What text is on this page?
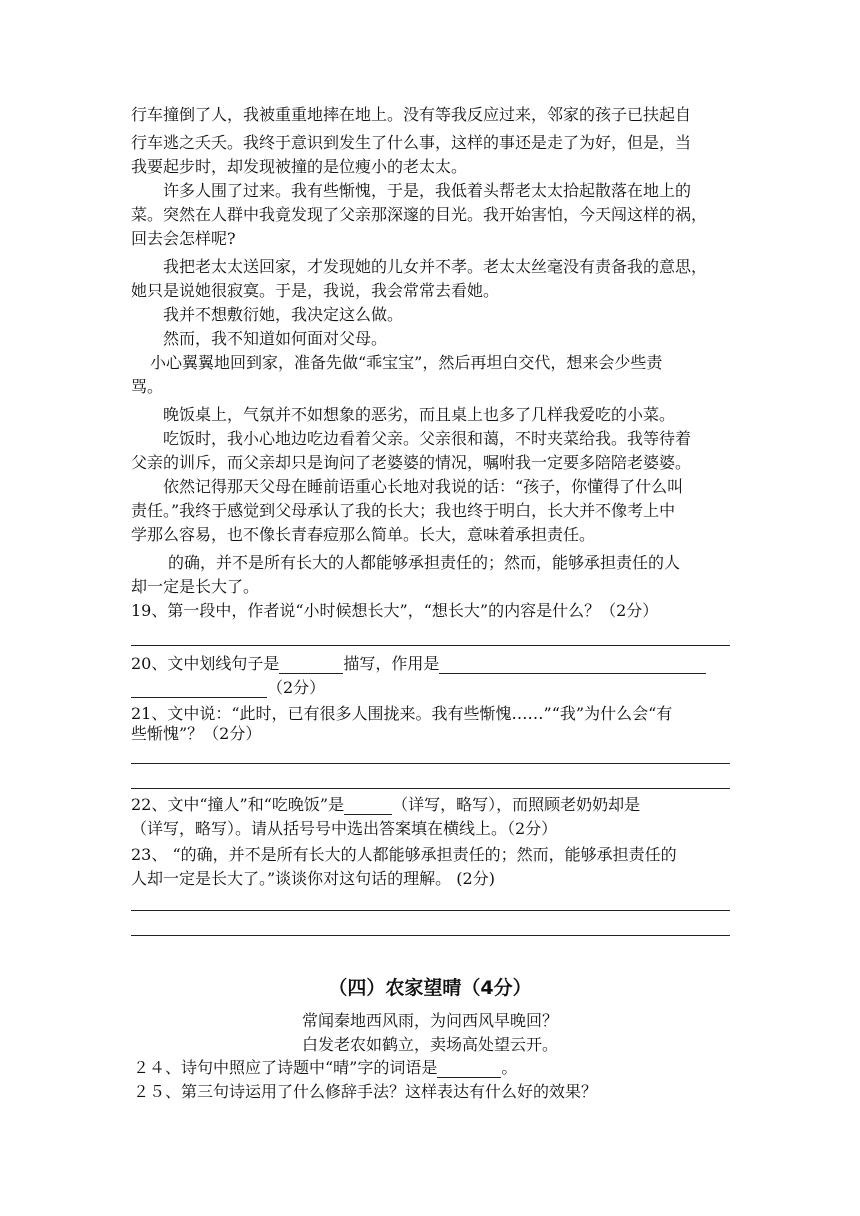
行车撞倒了人，我被重重地摔在地上。没有等我反应过来，邻家的孩子已扶起自
行车逃之夭夭。我终于意识到发生了什么事，这样的事还是走了为好，但是，当
我要起步时，却发现被撞的是位瘦小的老太太。
许多人围了过来。我有些惭愧，于是，我低着头帮老太太拾起散落在地上的
菜。突然在人群中我竟发现了父亲那深邃的目光。我开始害怕，今天闯这样的祸，
回去会怎样呢?
我把老太太送回家，才发现她的儿女并不孝。老太太丝毫没有责备我的意思，
她只是说她很寂寞。于是，我说，我会常常去看她。
我并不想敷衍她，我决定这么做。
然而，我不知道如何面对父母。
小心翼翼地回到家，准备先做“乖宝宝”，然后再坦白交代，想来会少些责
骂。
晚饭桌上，气氛并不如想象的恶劣，而且桌上也多了几样我爱吃的小菜。
吃饭时，我小心地边吃边看着父亲。父亲很和蔼，不时夹菜给我。我等待着
父亲的训斥，而父亲却只是询问了老婆婆的情况，嘱咐我一定要多陪陪老婆婆。
依然记得那天父母在睡前语重心长地对我说的话：“孩子，你懂得了什么叫
责任。”我终于感觉到父母承认了我的长大；我也终于明白，长大并不像考上中
学那么容易，也不像长青春痘那么简单。长大，意味着承担责任。
的确，并不是所有长大的人都能够承担责任的；然而，能够承担责任的人
却一定是长大了。
19、第一段中，作者说“小时候想长大”，“想长大”的内容是什么？（2分）
20、文中划线句子是	描写，作用是
（2分）
21、文中说：“此时，已有很多人围拢来。我有些惭愧……”“我”为什么会“有
些惭愧”？（2分）
22、文中“撞人”和“吃晚饭”是	（详写，略写），而照顾老奶奶却是
（详写，略写）。请从括号号中选出答案填在横线上。（2分）
23、 “的确，并不是所有长大的人都能够承担责任的；然而，能够承担责任的
人却一定是长大了。”谈谈你对这句话的理解。 (2分)
（四）农家望晴（4分）
常闻秦地西风雨，为问西风早晚回？
白发老农如鹤立，卖场高处望云开。
２４、诗句中照应了诗题中“晴”字的词语是	。
２５、第三句诗运用了什么修辞手法？这样表达有什么好的效果？
